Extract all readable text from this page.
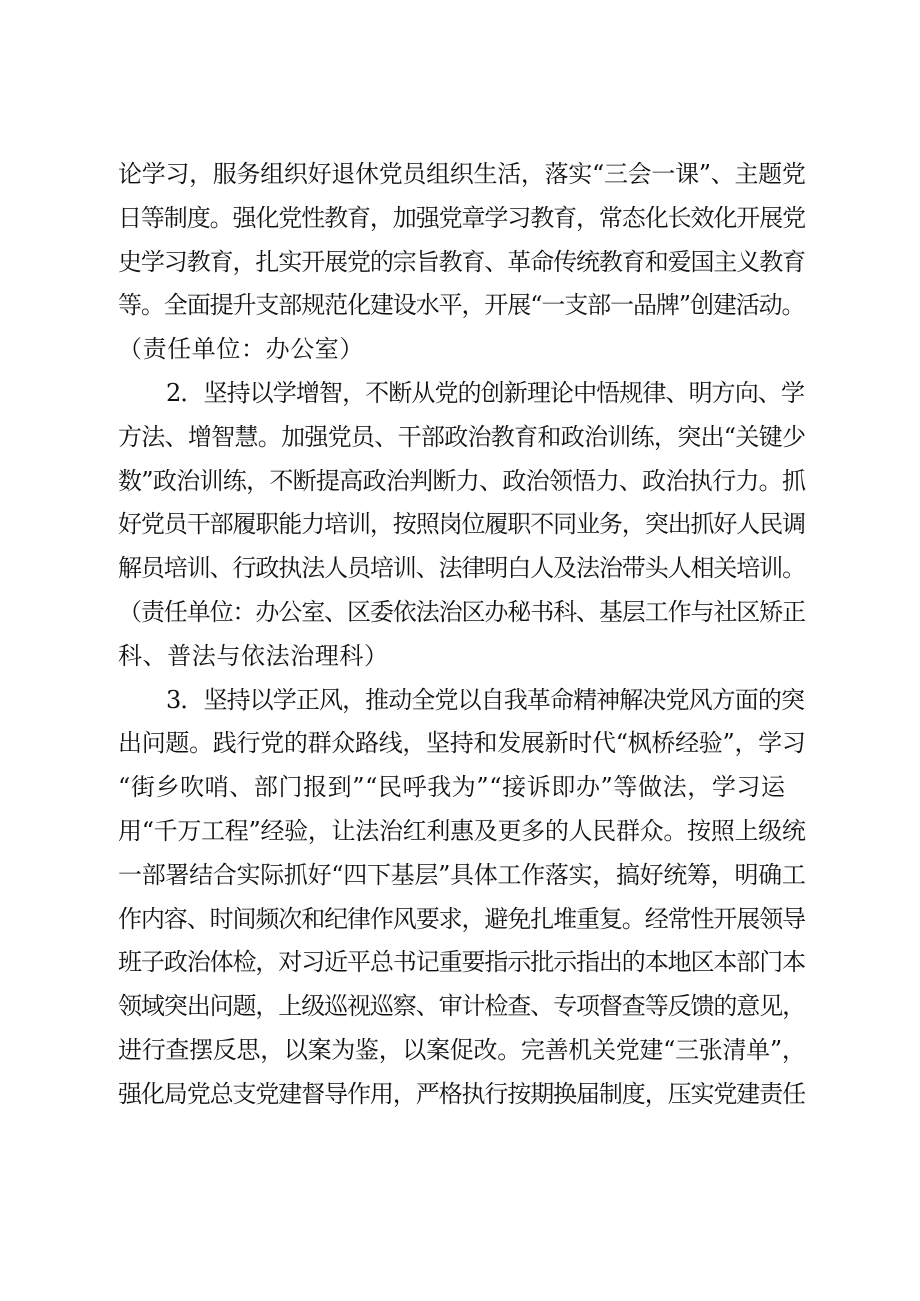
论学习，服务组织好退休党员组织生活，落实“三会一课”、主题党
日等制度。强化党性教育，加强党章学习教育，常态化长效化开展党
史学习教育，扎实开展党的宗旨教育、革命传统教育和爱国主义教育
等。全面提升支部规范化建设水平，开展“一支部一品牌”创建活动。
（责任单位：办公室）
2．坚持以学增智，不断从党的创新理论中悟规律、明方向、学
方法、增智慧。加强党员、干部政治教育和政治训练，突出“关键少
数”政治训练，不断提高政治判断力、政治领悟力、政治执行力。抓
好党员干部履职能力培训，按照岗位履职不同业务，突出抓好人民调
解员培训、行政执法人员培训、法律明白人及法治带头人相关培训。
（责任单位：办公室、区委依法治区办秘书科、基层工作与社区矫正
科、普法与依法治理科）
3．坚持以学正风，推动全党以自我革命精神解决党风方面的突
出问题。践行党的群众路线，坚持和发展新时代“枫桥经验”，学习
“街乡吹哨、部门报到”“民呼我为”“接诉即办”等做法，学习运
用“千万工程”经验，让法治红利惠及更多的人民群众。按照上级统
一部署结合实际抓好“四下基层”具体工作落实，搞好统筹，明确工
作内容、时间频次和纪律作风要求，避免扎堆重复。经常性开展领导
班子政治体检，对习近平总书记重要指示批示指出的本地区本部门本
领域突出问题，上级巡视巡察、审计检查、专项督查等反馈的意见，
进行查摆反思，以案为鉴，以案促改。完善机关党建“三张清单”，
强化局党总支党建督导作用，严格执行按期换届制度，压实党建责任
